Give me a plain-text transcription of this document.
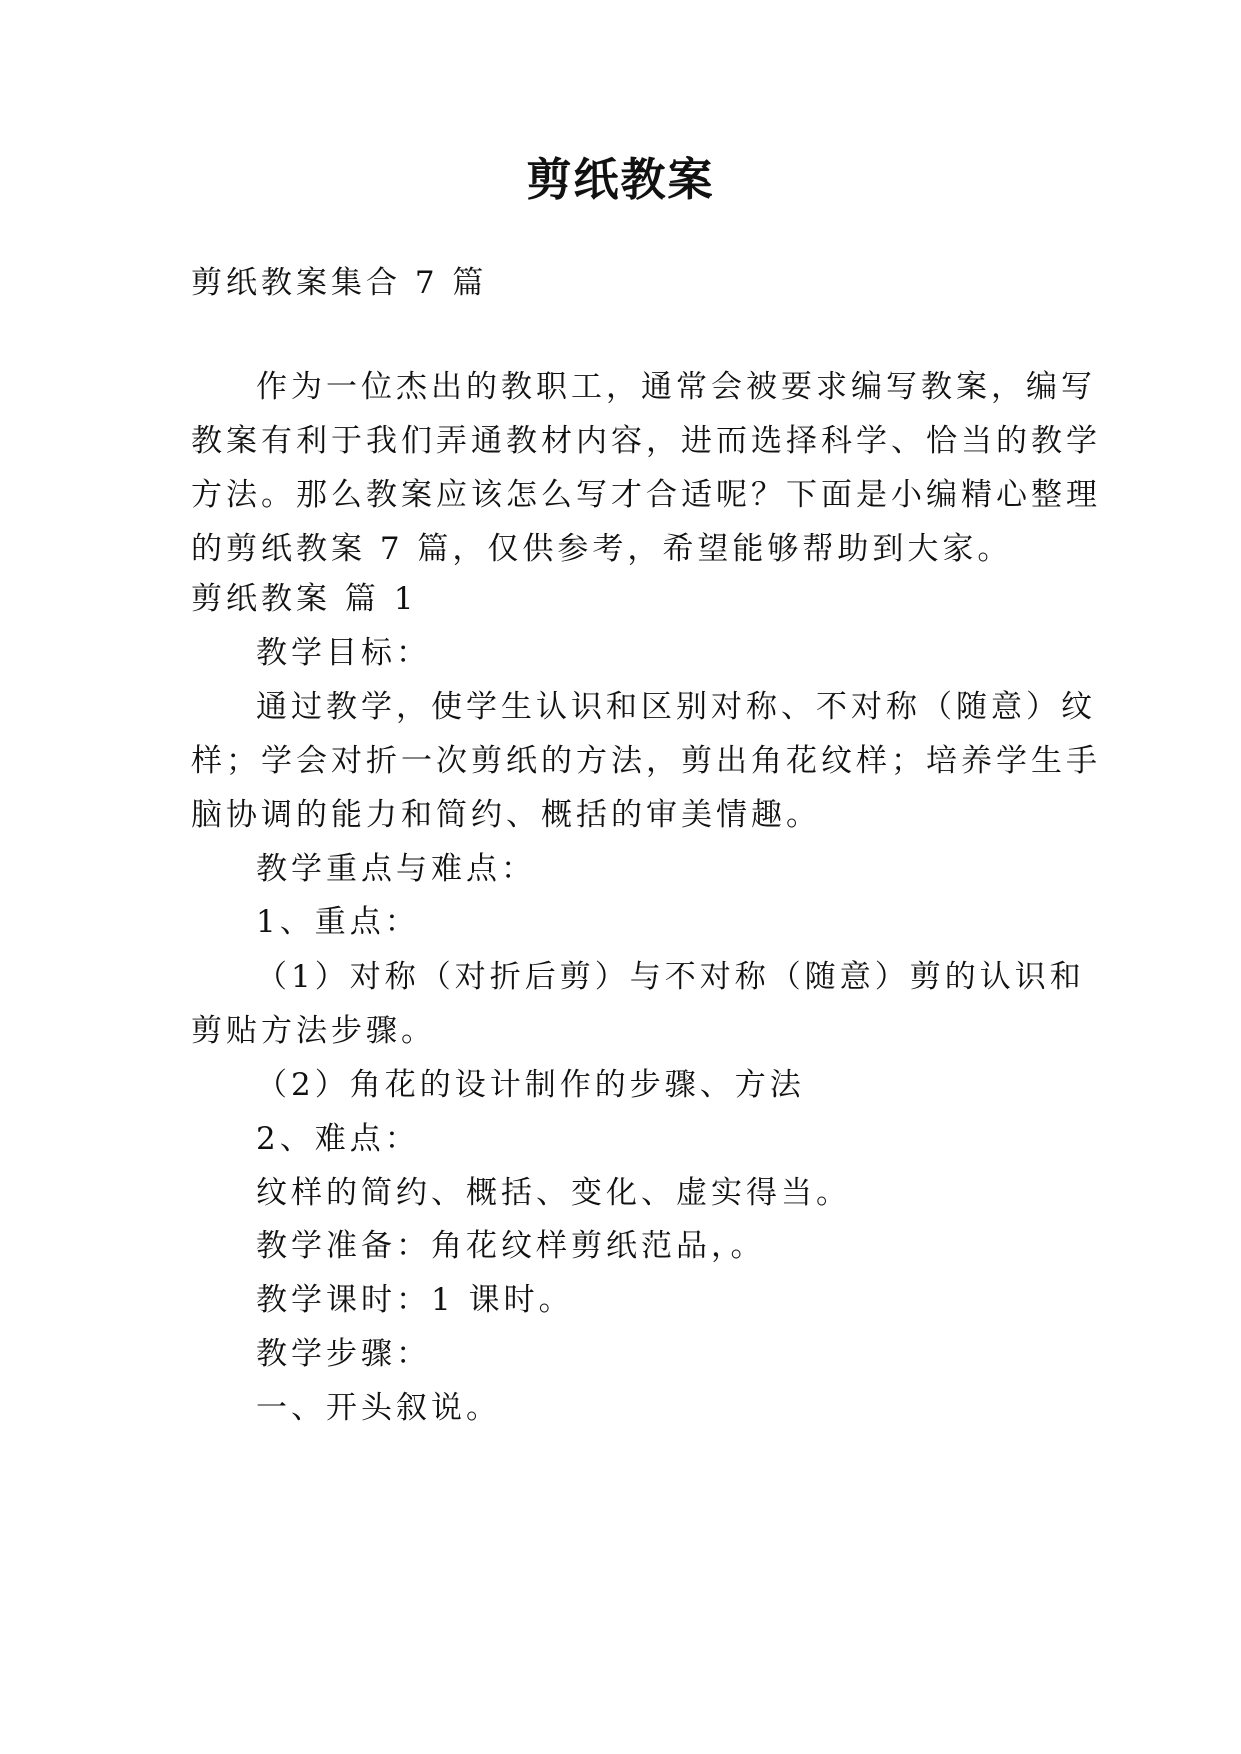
剪纸教案
剪纸教案集合 7 篇
作为一位杰出的教职工，通常会被要求编写教案，编写
教案有利于我们弄通教材内容，进而选择科学、恰当的教学
方法。那么教案应该怎么写才合适呢？下面是小编精心整理
的剪纸教案 7 篇，仅供参考，希望能够帮助到大家。
剪纸教案 篇 1
教学目标：
通过教学，使学生认识和区别对称、不对称（随意）纹
样；学会对折一次剪纸的方法，剪出角花纹样；培养学生手
脑协调的能力和简约、概括的审美情趣。
教学重点与难点：
1、重点：
（1）对称（对折后剪）与不对称（随意）剪的认识和
剪贴方法步骤。
（2）角花的设计制作的步骤、方法
2、难点：
纹样的简约、概括、变化、虚实得当。
教学准备：角花纹样剪纸范品，。
教学课时：1 课时。
教学步骤：
一、开头叙说。
